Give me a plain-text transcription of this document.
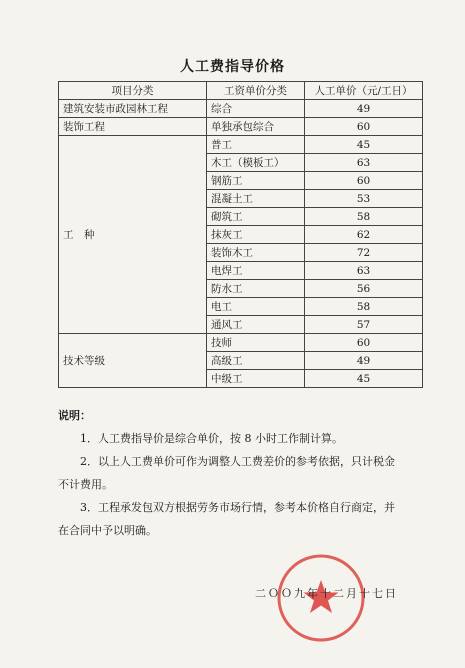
人工费指导价格
项目分类	工资单价分类	人工单价（元/工日）
建筑安装市政园林工程	综合	49
装饰工程	单独承包综合	60
工　种	普工	45
	木工（模板工）	63
	钢筋工	60
	混凝土工	53
	砌筑工	58
	抹灰工	62
	装饰木工	72
	电焊工	63
	防水工	56
	电工	58
	通风工	57
技术等级	技师	60
	高级工	49
	中级工	45

说明：

1．人工费指导价是综合单价，按 8 小时工作制计算。

2．以上人工费单价可作为调整人工费差价的参考依据，只计税金不计费用。

3．工程承发包双方根据劳务市场行情，参考本价格自行商定，并在合同中予以明确。

二ＯＯ九年十二月十七日
